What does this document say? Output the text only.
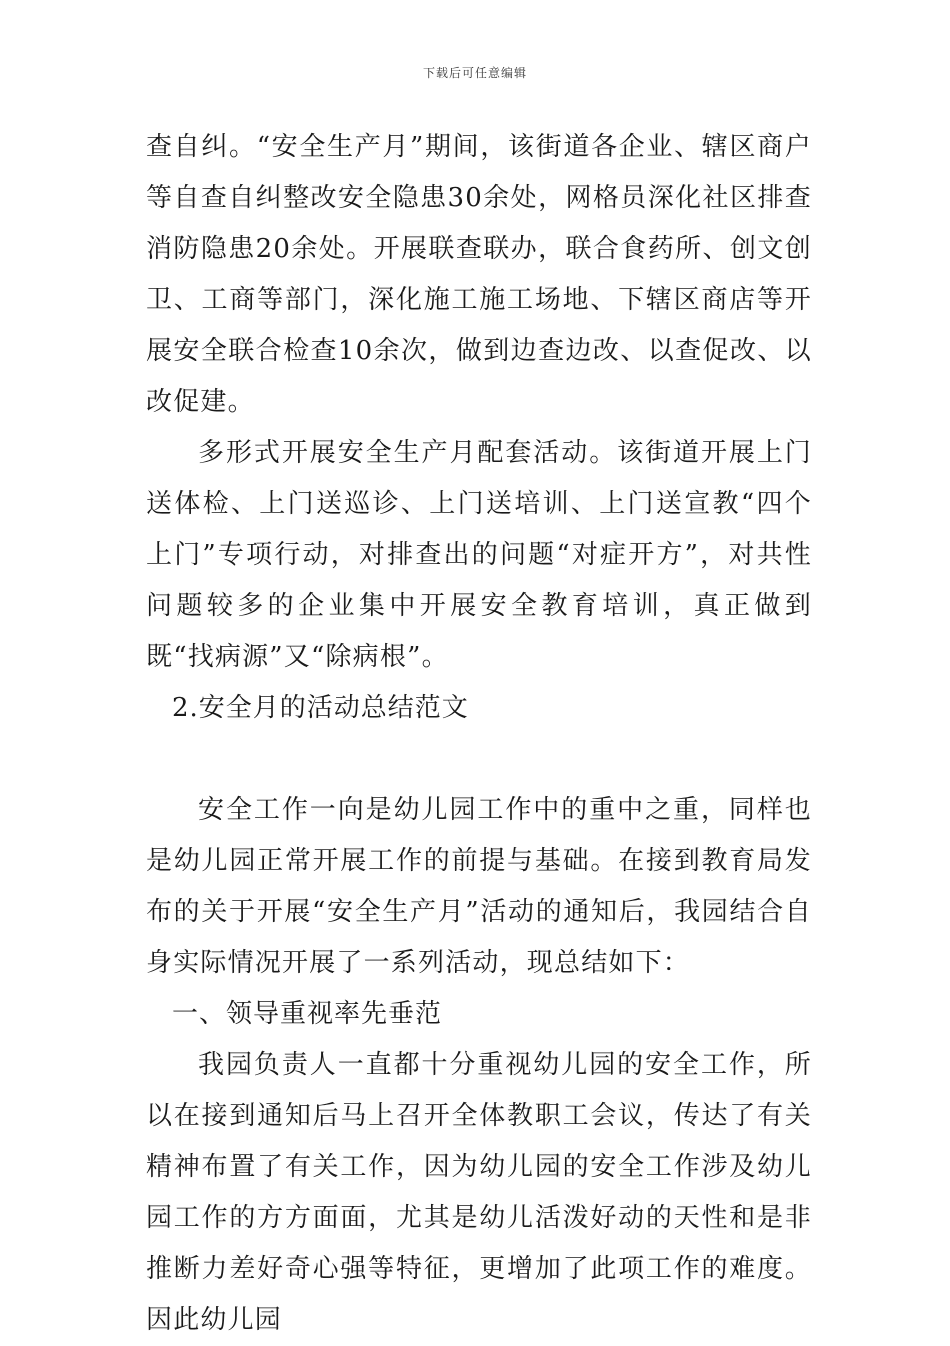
下载后可任意编辑

查自纠。“安全生产月”期间，该街道各企业、辖区商户等自查自纠整改安全隐患30余处，网格员深化社区排查消防隐患20余处。开展联查联办，联合食药所、创文创卫、工商等部门，深化施工施工场地、下辖区商店等开展安全联合检查10余次，做到边查边改、以查促改、以改促建。

多形式开展安全生产月配套活动。该街道开展上门送体检、上门送巡诊、上门送培训、上门送宣教“四个上门”专项行动，对排查出的问题“对症开方”，对共性问题较多的企业集中开展安全教育培训，真正做到既“找病源”又“除病根”。

2.安全月的活动总结范文

安全工作一向是幼儿园工作中的重中之重，同样也是幼儿园正常开展工作的前提与基础。在接到教育局发布的关于开展“安全生产月”活动的通知后，我园结合自身实际情况开展了一系列活动，现总结如下：

一、领导重视率先垂范

我园负责人一直都十分重视幼儿园的安全工作，所以在接到通知后马上召开全体教职工会议，传达了有关精神布置了有关工作，因为幼儿园的安全工作涉及幼儿园工作的方方面面，尤其是幼儿活泼好动的天性和是非推断力差好奇心强等特征，更增加了此项工作的难度。因此幼儿园
